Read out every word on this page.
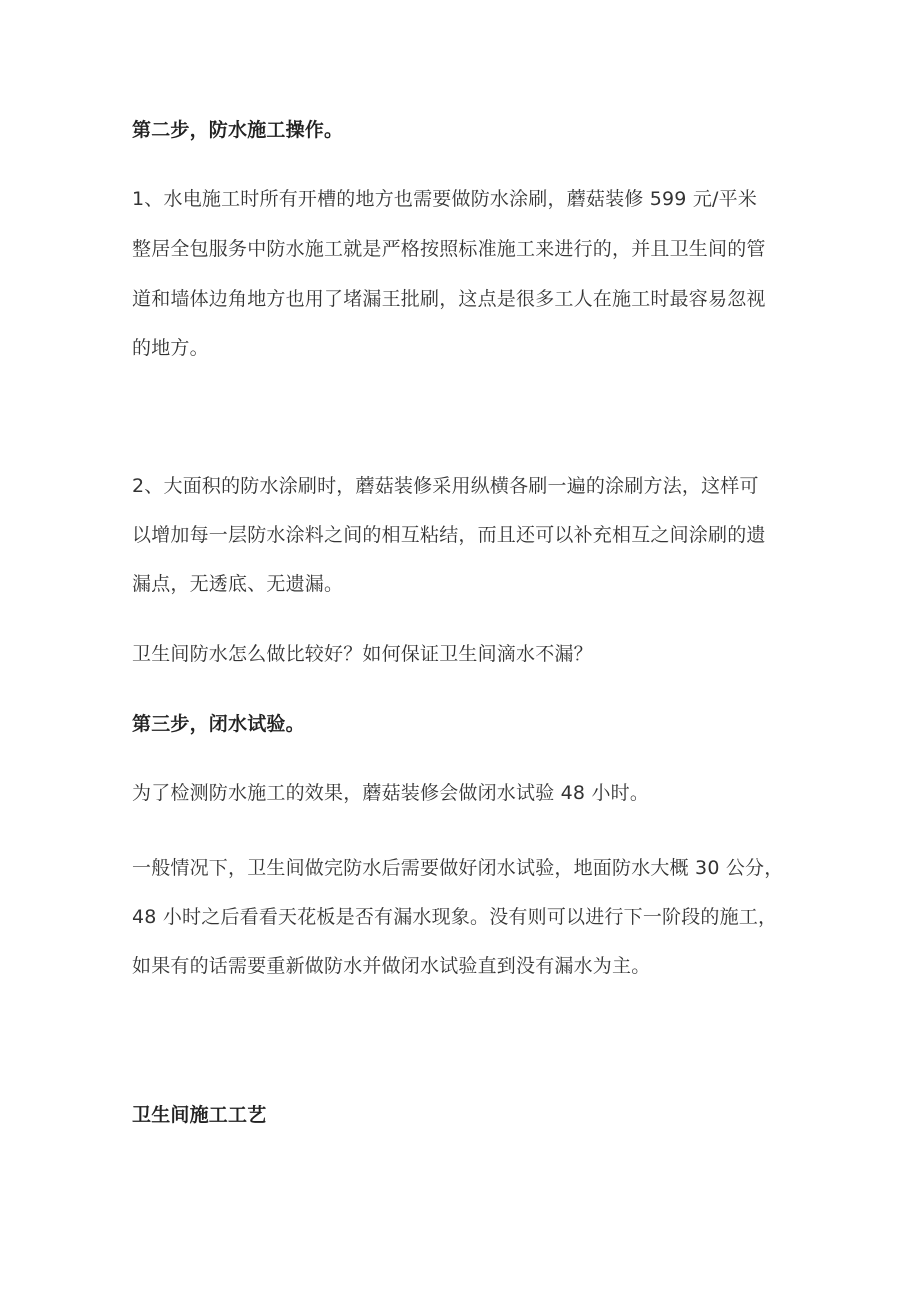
第二步，防水施工操作。
1、水电施工时所有开槽的地方也需要做防水涂刷，蘑菇装修 599 元/平米
整居全包服务中防水施工就是严格按照标准施工来进行的，并且卫生间的管
道和墙体边角地方也用了堵漏王批刷，这点是很多工人在施工时最容易忽视
的地方。
2、大面积的防水涂刷时，蘑菇装修采用纵横各刷一遍的涂刷方法，这样可
以增加每一层防水涂料之间的相互粘结，而且还可以补充相互之间涂刷的遗
漏点，无透底、无遗漏。
卫生间防水怎么做比较好？如何保证卫生间滴水不漏？
第三步，闭水试验。
为了检测防水施工的效果，蘑菇装修会做闭水试验 48 小时。
一般情况下，卫生间做完防水后需要做好闭水试验，地面防水大概 30 公分，
48 小时之后看看天花板是否有漏水现象。没有则可以进行下一阶段的施工，
如果有的话需要重新做防水并做闭水试验直到没有漏水为主。
卫生间施工工艺
